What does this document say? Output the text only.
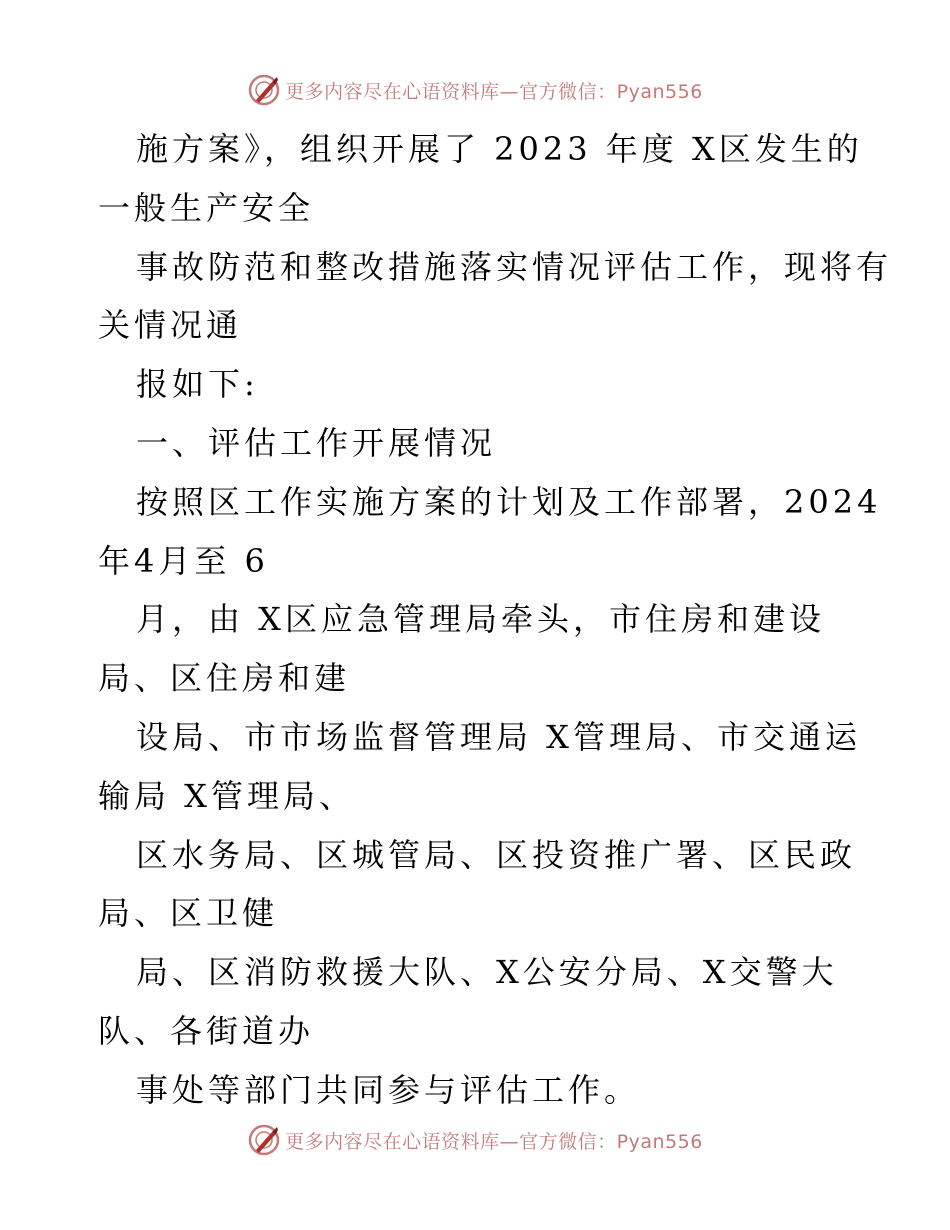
更多内容尽在心语资料库—官方微信：Pyan556
施方案》，组织开展了 2023 年度 X区发生的
一般生产安全
事故防范和整改措施落实情况评估工作，现将有
关情况通
报如下:
一、评估工作开展情况
按照区工作实施方案的计划及工作部署，2024
年4月至 6
月，由 X区应急管理局牵头，市住房和建设
局、区住房和建
设局、市市场监督管理局 X管理局、市交通运
输局 X管理局、
区水务局、区城管局、区投资推广署、区民政
局、区卫健
局、区消防救援大队、X公安分局、X交警大
队、各街道办
事处等部门共同参与评估工作。
更多内容尽在心语资料库—官方微信：Pyan556
